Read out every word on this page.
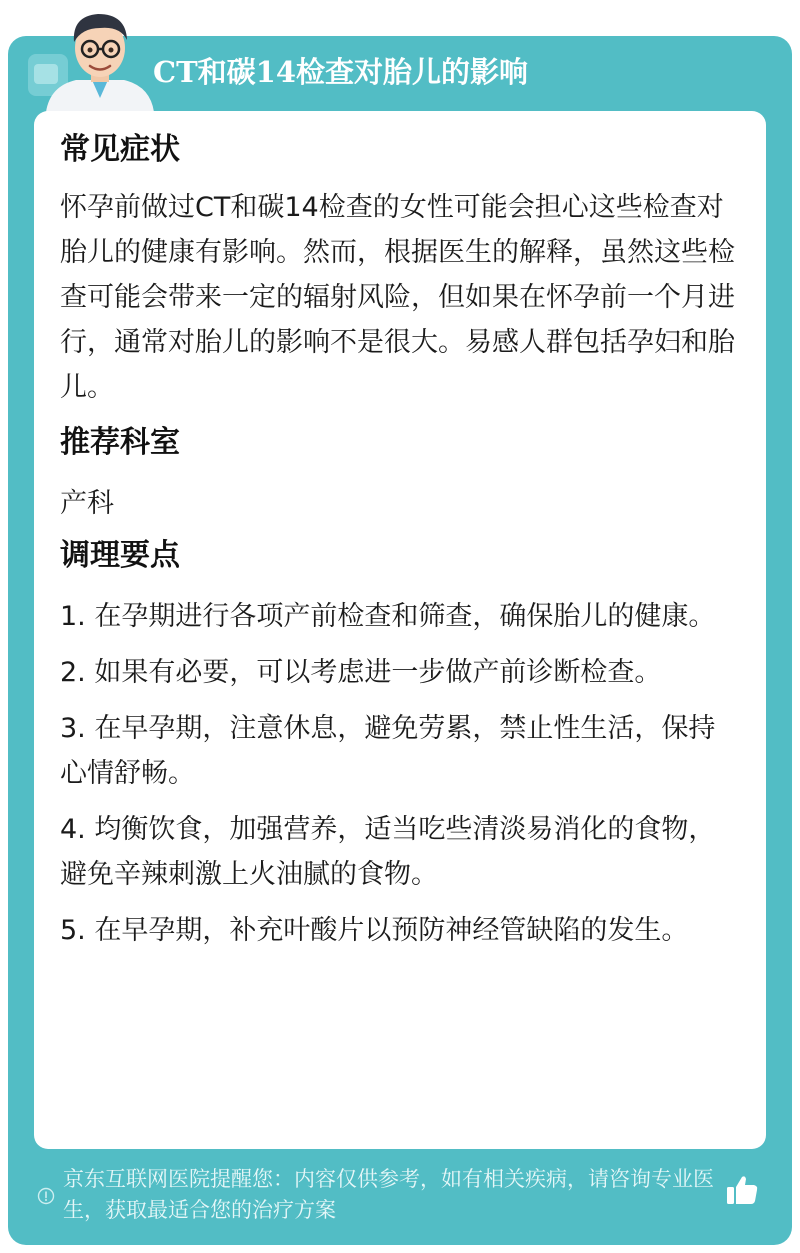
CT和碳14检查对胎儿的影响
常见症状

怀孕前做过CT和碳14检查的女性可能会担心这些检查对胎儿的健康有影响。然而，根据医生的解释，虽然这些检查可能会带来一定的辐射风险，但如果在怀孕前一个月进行，通常对胎儿的影响不是很大。易感人群包括孕妇和胎儿。

推荐科室

产科

调理要点
1. 在孕期进行各项产前检查和筛查，确保胎儿的健康。
2. 如果有必要，可以考虑进一步做产前诊断检查。
3. 在早孕期，注意休息，避免劳累，禁止性生活，保持心情舒畅。
4. 均衡饮食，加强营养，适当吃些清淡易消化的食物，避免辛辣刺激上火油腻的食物。
5. 在早孕期，补充叶酸片以预防神经管缺陷的发生。
京东互联网医院提醒您：内容仅供参考，如有相关疾病，请咨询专业医生，获取最适合您的治疗方案
